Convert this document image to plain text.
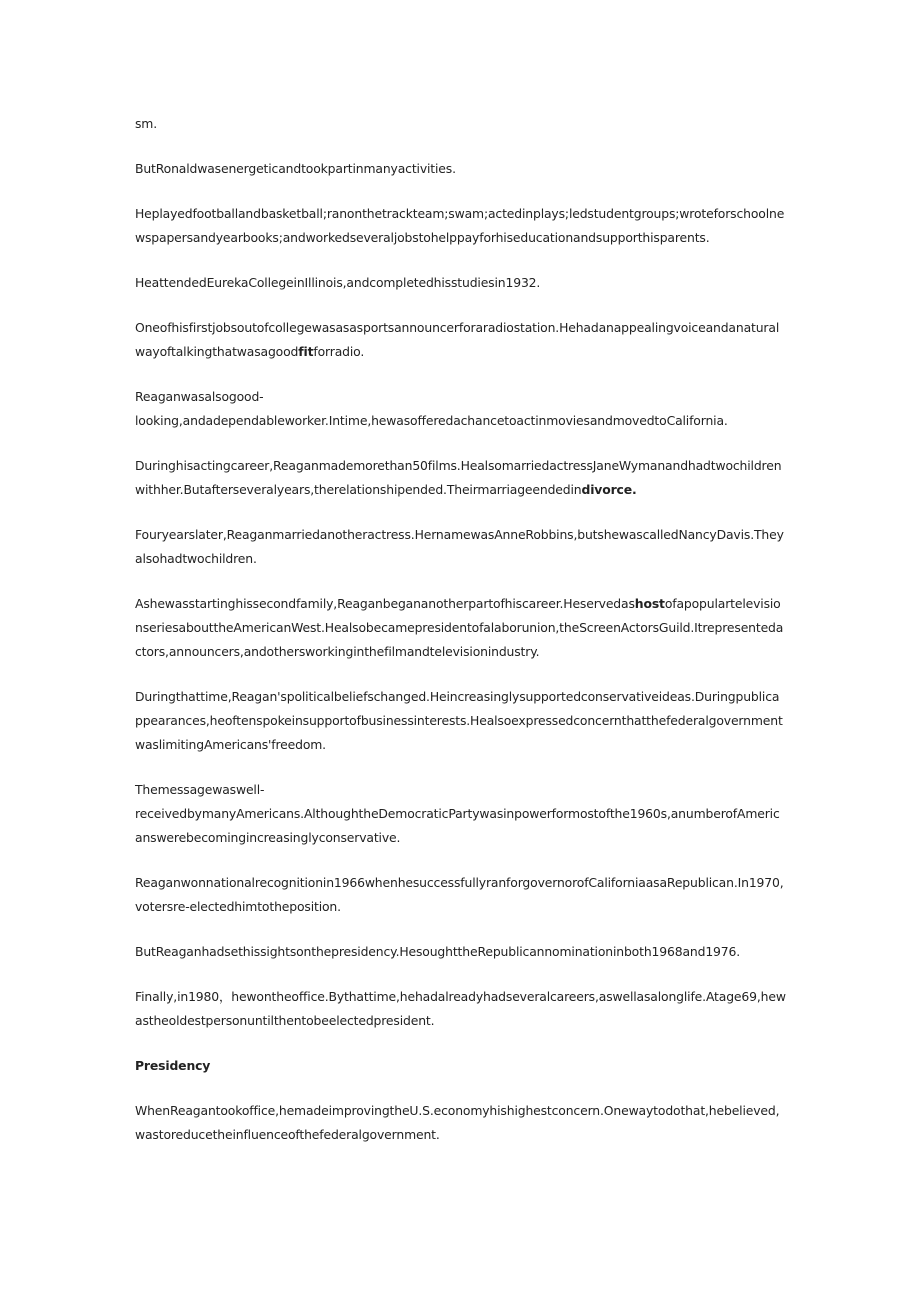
sm.

ButRonaldwasenergeticandtookpartinmanyactivities.

Heplayedfootballandbasketball;ranonthetrackteam;swam;actedinplays;ledstudentgroups;wroteforschoolnewspapersandyearbooks;andworkedseveraljobstohelppayforhiseducationandsupporthisparents.

HeattendedEurekaCollegeinIllinois,andcompletedhisstudiesin1932.

Oneofhisfirstjobsoutofcollegewasasasportsannouncerforaradiostation.Hehadanappealingvoiceandanaturalwayoftalkingthatwasagoodfitforradio.

Reaganwasalsogood-
looking,andadependableworker.Intime,hewasofferedachancetoactinmoviesandmovedtoCalifornia.

Duringhisactingcareer,Reaganmademorethan50films.HealsomarriedactressJaneWymanandhadtwochildrenwithher.Butafterseveralyears,therelationshipended.Theirmarriageendedindivorce.

Fouryearslater,Reaganmarriedanotheractress.HernamewasAnneRobbins,butshewascalledNancyDavis.Theyalsohadtwochildren.

Ashewasstartinghissecondfamily,Reaganbegananotherpartofhiscareer.HeservedashostofapopulartelevisionseriesabouttheAmericanWest.Healsobecamepresidentofalaborunion,theScreenActorsGuild.Itrepresentedactors,announcers,andothersworkinginthefilmandtelevisionindustry.

Duringthattime,Reagan'spoliticalbeliefschanged.Heincreasinglysupportedconservativeideas.Duringpublicappearances,heoftenspokeinsupportofbusinessinterests.HealsoexpressedconcernthatthefederalgovernmentwaslimitingAmericans'freedom.

Themessagewaswell-
receivedbymanyAmericans.AlthoughtheDemocraticPartywasinpowerformostofthe1960s,anumberofAmericanswerebecomingincreasinglyconservative.

Reaganwonnationalrecognitionin1966whenhesuccessfullyranforgovernorofCaliforniaasaRepublican.In1970,votersre-electedhimtotheposition.

ButReaganhadsethissightsonthepresidency.HesoughttheRepublicannominationinboth1968and1976.

Finally,in1980，hewontheoffice.Bythattime,hehadalreadyhadseveralcareers,aswellasalonglife.Atage69,hewastheoldestpersonuntilthentobeelectedpresident.

Presidency

WhenReagantookoffice,hemadeimprovingtheU.S.economyhishighestconcern.Onewaytodothat,hebelieved,wastoreducetheinfluenceofthefederalgovernment.
